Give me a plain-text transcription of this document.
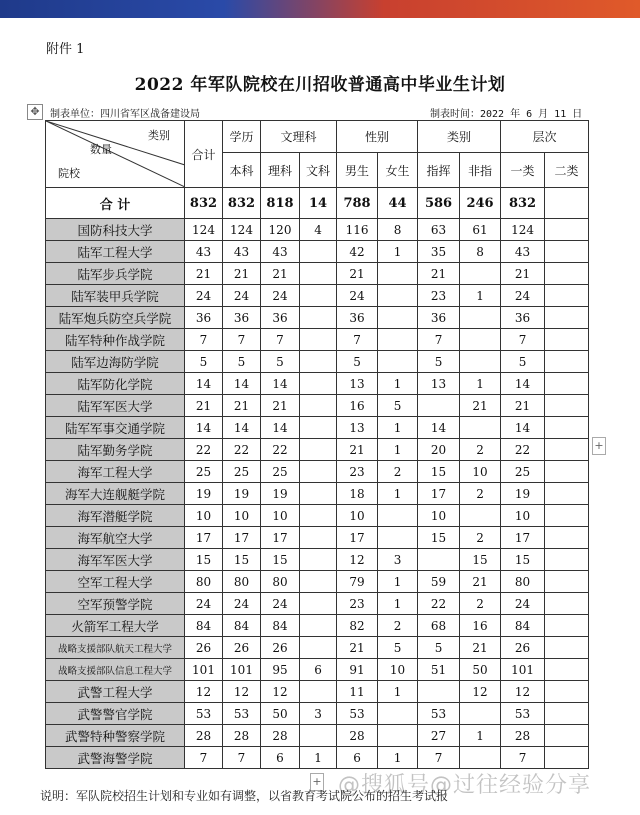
附件 1
2022 年军队院校在川招收普通高中毕业生计划
✥	制表单位：四川省军区战备建设局	制表时间：2022 年 6 月 11 日
类别
数量
院校	合计	学历	文理科		性别		类别		层次	
		本科	理科	文科	男生	女生	指挥	非指	一类	二类
合 计	832	832	818	14	788	44	586	246	832	
国防科技大学	124	124	120	4	116	8	63	61	124	
陆军工程大学	43	43	43		42	1	35	8	43	
陆军步兵学院	21	21	21		21		21		21	
陆军装甲兵学院	24	24	24		24		23	1	24	
陆军炮兵防空兵学院	36	36	36		36		36		36	
陆军特种作战学院	7	7	7		7		7		7	
陆军边海防学院	5	5	5		5		5		5	
陆军防化学院	14	14	14		13	1	13	1	14	
陆军军医大学	21	21	21		16	5		21	21	
陆军军事交通学院	14	14	14		13	1	14		14	
陆军勤务学院	22	22	22		21	1	20	2	22	
海军工程大学	25	25	25		23	2	15	10	25	
海军大连舰艇学院	19	19	19		18	1	17	2	19	
海军潜艇学院	10	10	10		10		10		10	
海军航空大学	17	17	17		17		15	2	17	
海军军医大学	15	15	15		12	3		15	15	
空军工程大学	80	80	80		79	1	59	21	80	
空军预警学院	24	24	24		23	1	22	2	24	
火箭军工程大学	84	84	84		82	2	68	16	84	
战略支援部队航天工程大学	26	26	26		21	5	5	21	26	
战略支援部队信息工程大学	101	101	95	6	91	10	51	50	101	
武警工程大学	12	12	12		11	1		12	12	
武警警官学院	53	53	50	3	53		53		53	
武警特种警察学院	28	28	28		28		27	1	28	
武警海警学院	7	7	6	1	6	1	7		7	
+
+ @搜狐号@过往经验分享
说明：军队院校招生计划和专业如有调整，以省教育考试院公布的招生考试报
